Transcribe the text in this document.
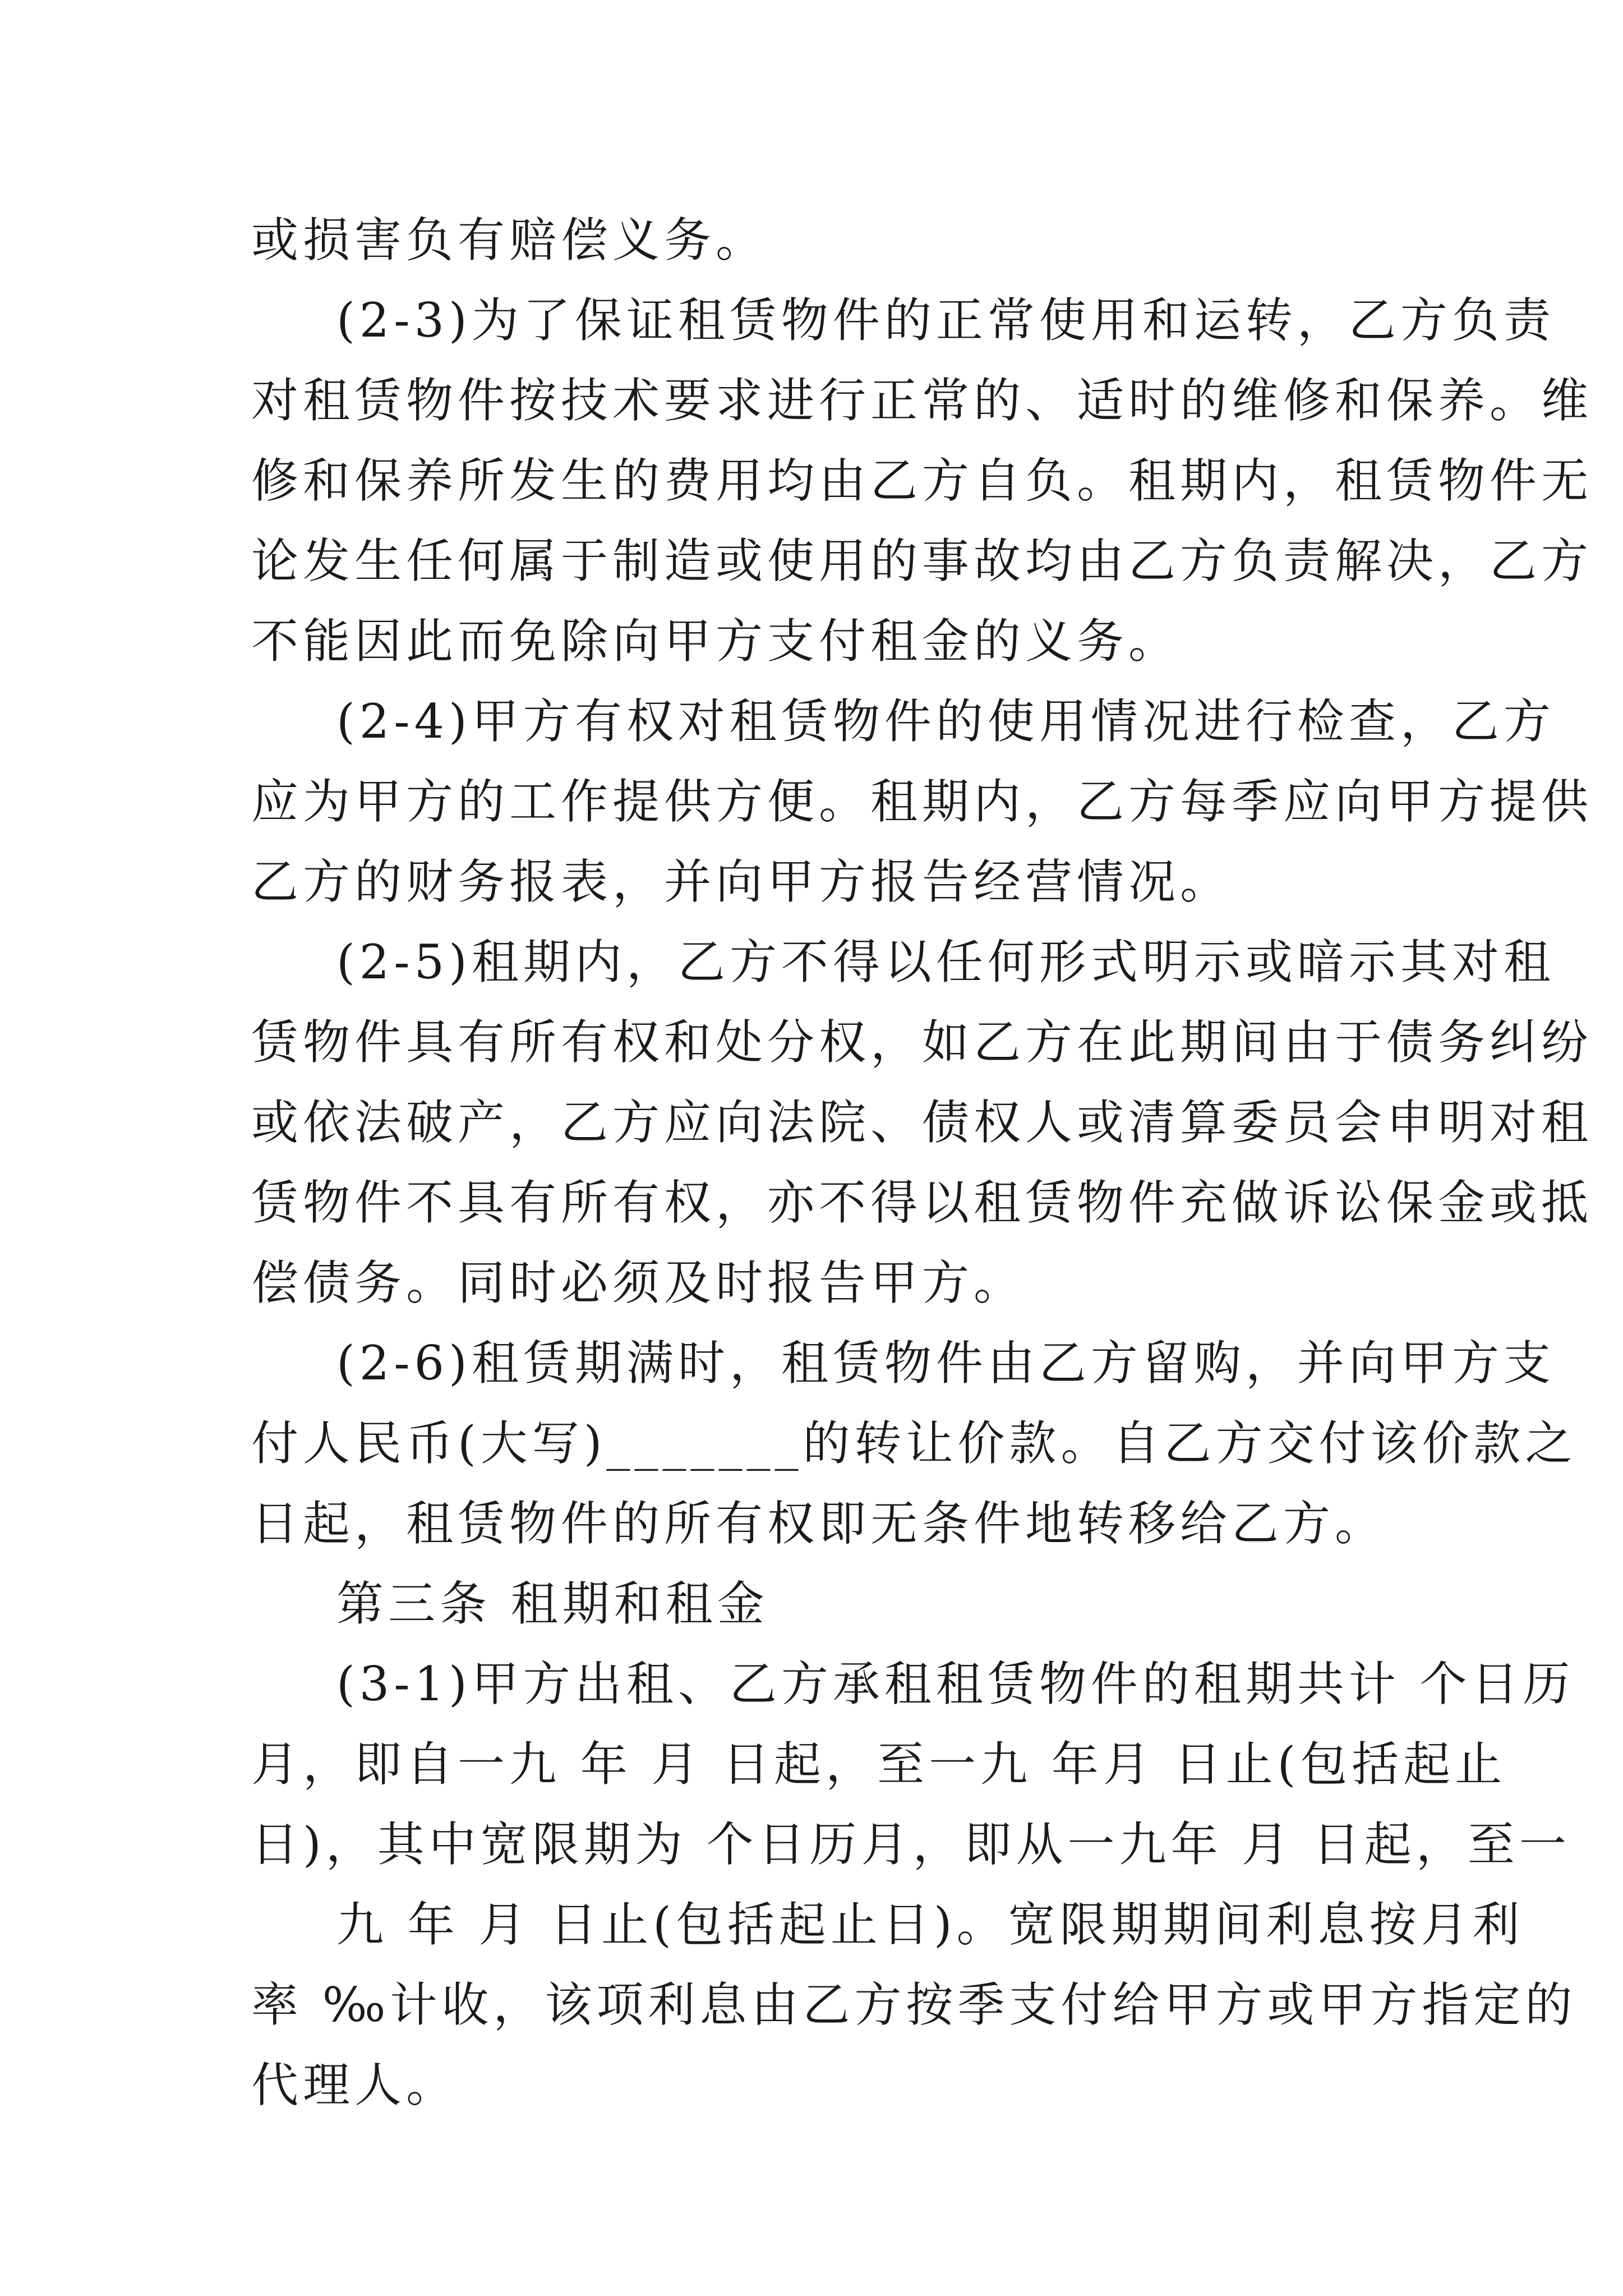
或损害负有赔偿义务。
(2-3)为了保证租赁物件的正常使用和运转，乙方负责
对租赁物件按技术要求进行正常的、适时的维修和保养。维
修和保养所发生的费用均由乙方自负。租期内，租赁物件无
论发生任何属于制造或使用的事故均由乙方负责解决，乙方
不能因此而免除向甲方支付租金的义务。
(2-4)甲方有权对租赁物件的使用情况进行检查，乙方
应为甲方的工作提供方便。租期内，乙方每季应向甲方提供
乙方的财务报表，并向甲方报告经营情况。
(2-5)租期内，乙方不得以任何形式明示或暗示其对租
赁物件具有所有权和处分权，如乙方在此期间由于债务纠纷
或依法破产，乙方应向法院、债权人或清算委员会申明对租
赁物件不具有所有权，亦不得以租赁物件充做诉讼保金或抵
偿债务。同时必须及时报告甲方。
(2-6)租赁期满时，租赁物件由乙方留购，并向甲方支
付人民币(大写)_______的转让价款。自乙方交付该价款之
日起，租赁物件的所有权即无条件地转移给乙方。
第三条 租期和租金
(3-1)甲方出租、乙方承租租赁物件的租期共计 个日历
月，即自一九 年 月 日起，至一九 年月 日止(包括起止
日)，其中宽限期为 个日历月，即从一九年 月 日起，至一
九 年 月 日止(包括起止日)。宽限期期间利息按月利
率 ‰计收，该项利息由乙方按季支付给甲方或甲方指定的
代理人。
